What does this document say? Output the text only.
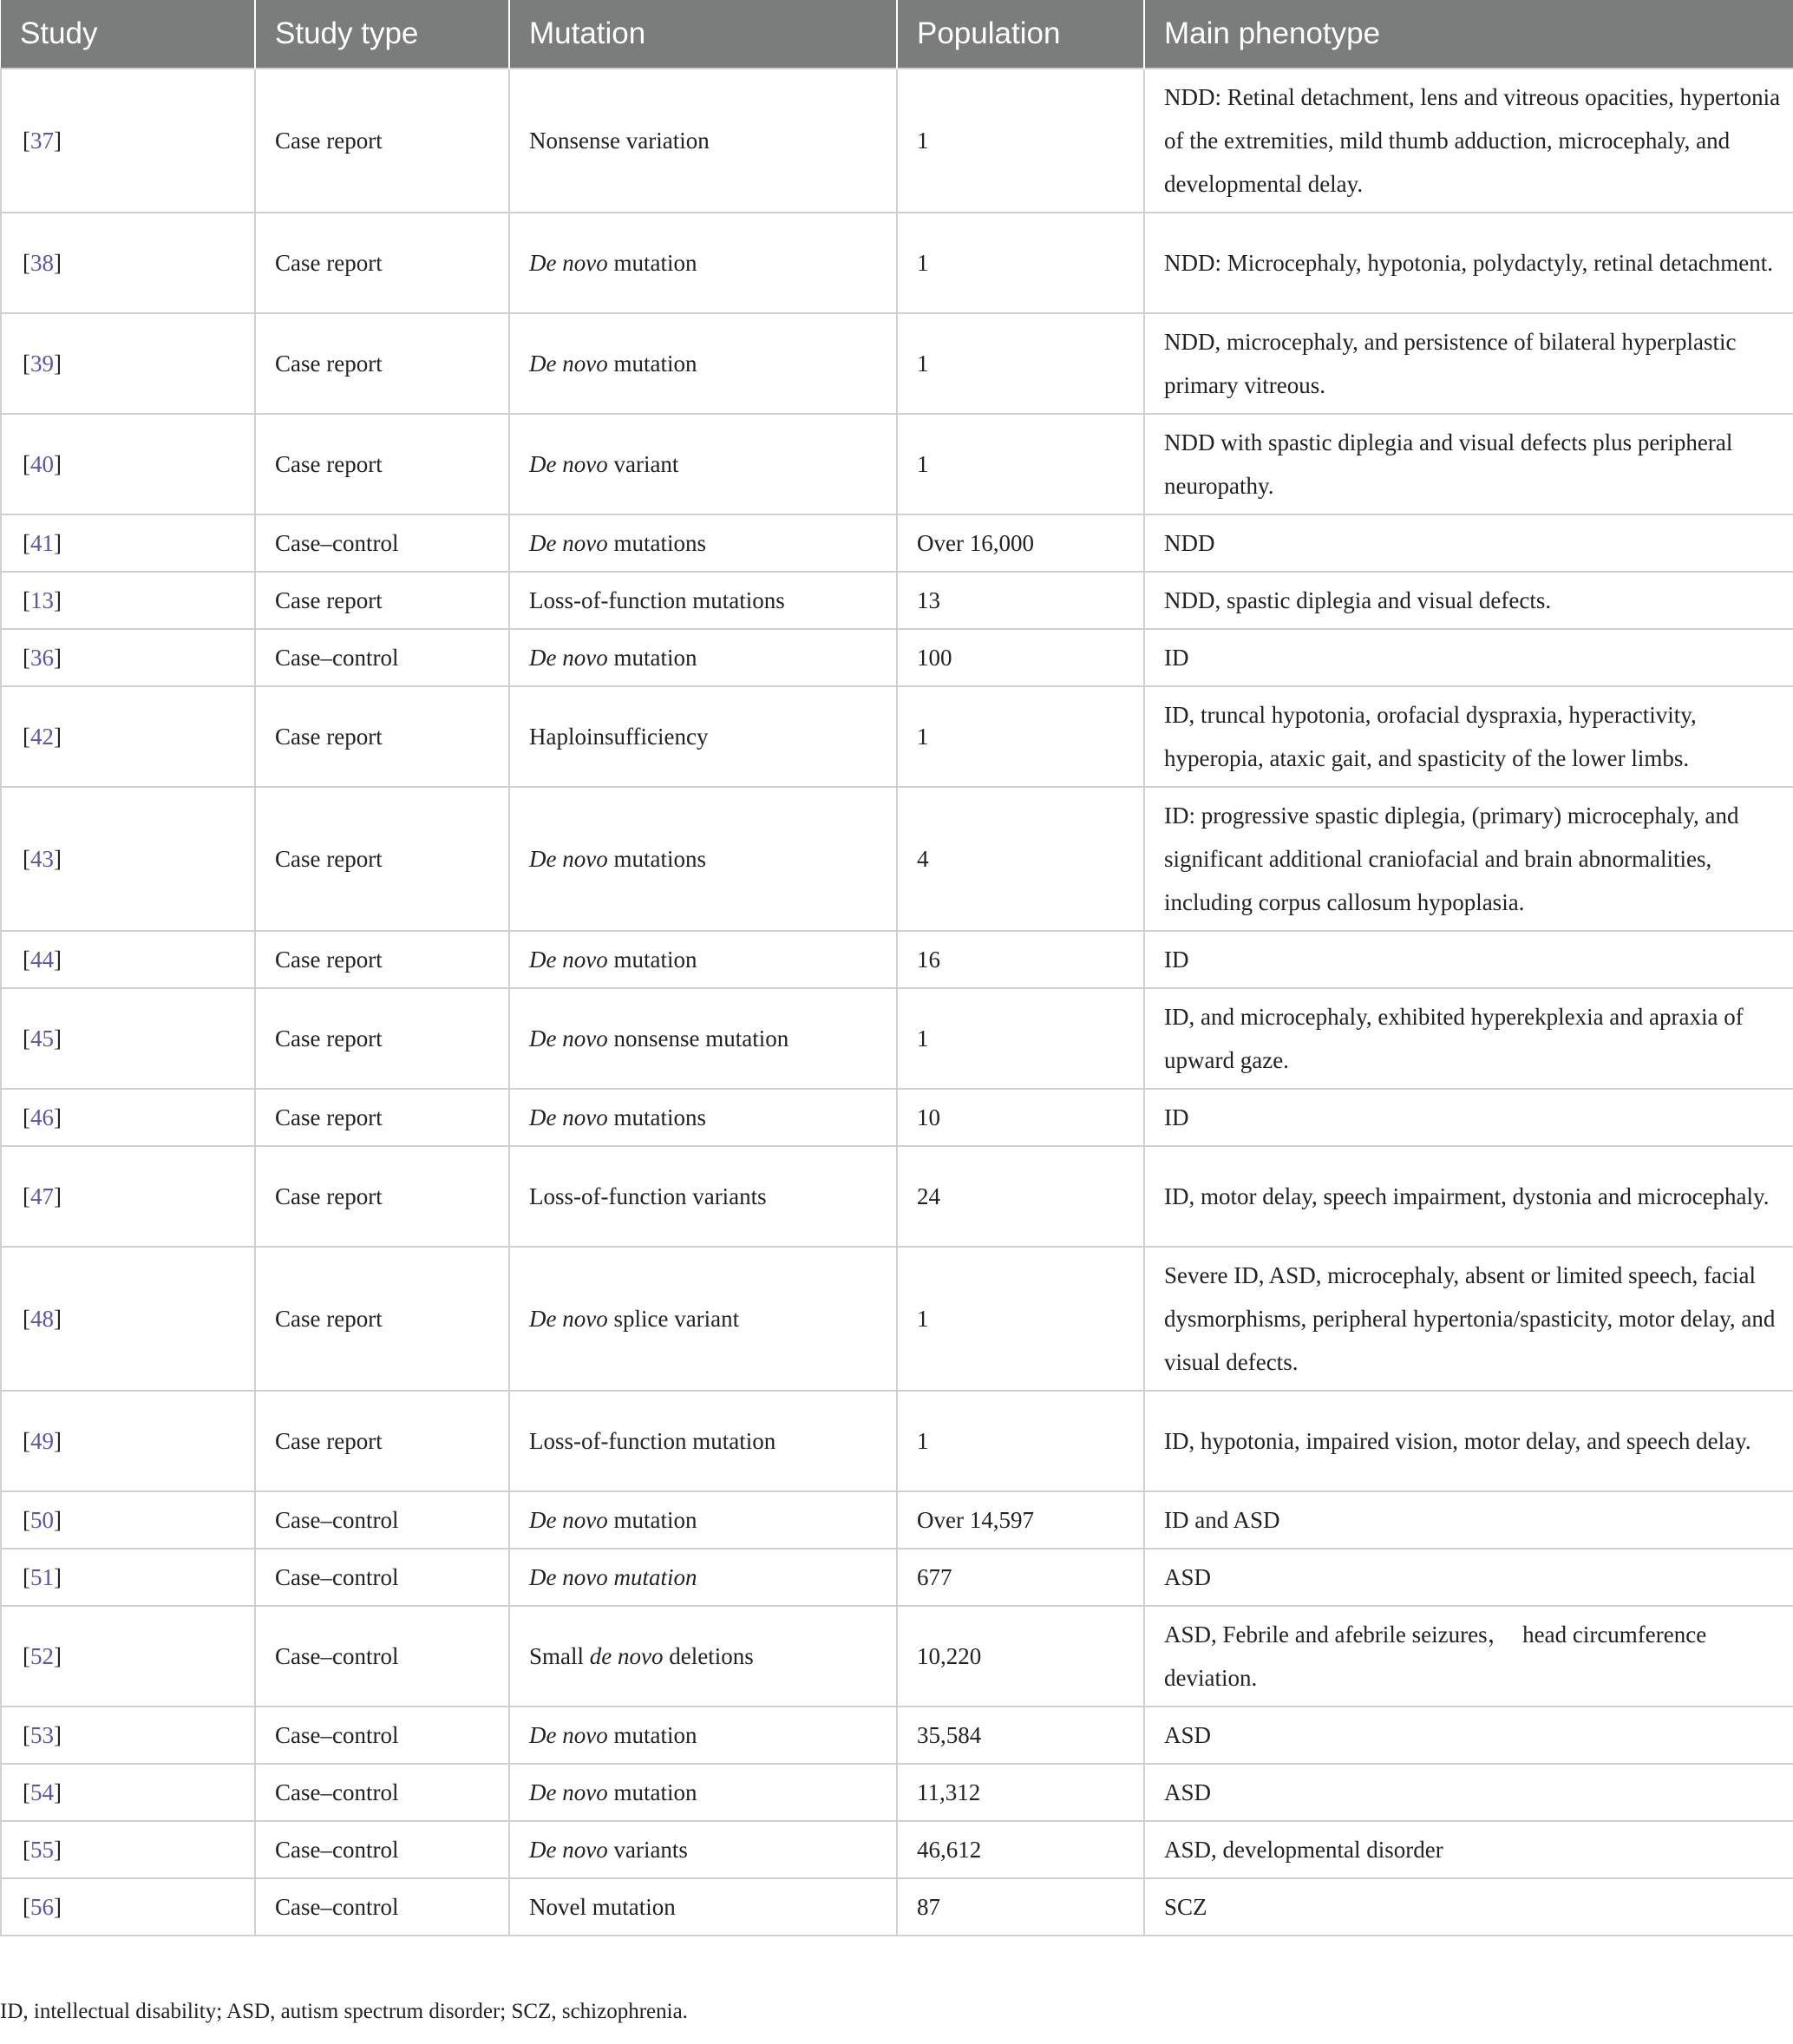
Study	Study type	Mutation	Population	Main phenotype
[37]	Case report	Nonsense variation	1	NDD: Retinal detachment, lens and vitreous opacities, hypertonia of the extremities, mild thumb adduction, microcephaly, and developmental delay.
[38]	Case report	De novo mutation	1	NDD: Microcephaly, hypotonia, polydactyly, retinal detachment.
[39]	Case report	De novo mutation	1	NDD, microcephaly, and persistence of bilateral hyperplastic primary vitreous.
[40]	Case report	De novo variant	1	NDD with spastic diplegia and visual defects plus peripheral neuropathy.
[41]	Case–control	De novo mutations	Over 16,000	NDD
[13]	Case report	Loss-of-function mutations	13	NDD, spastic diplegia and visual defects.
[36]	Case–control	De novo mutation	100	ID
[42]	Case report	Haploinsufficiency	1	ID, truncal hypotonia, orofacial dyspraxia, hyperactivity, hyperopia, ataxic gait, and spasticity of the lower limbs.
[43]	Case report	De novo mutations	4	ID: progressive spastic diplegia, (primary) microcephaly, and significant additional craniofacial and brain abnormalities, including corpus callosum hypoplasia.
[44]	Case report	De novo mutation	16	ID
[45]	Case report	De novo nonsense mutation	1	ID, and microcephaly, exhibited hyperekplexia and apraxia of upward gaze.
[46]	Case report	De novo mutations	10	ID
[47]	Case report	Loss-of-function variants	24	ID, motor delay, speech impairment, dystonia and microcephaly.
[48]	Case report	De novo splice variant	1	Severe ID, ASD, microcephaly, absent or limited speech, facial dysmorphisms, peripheral hypertonia/spasticity, motor delay, and visual defects.
[49]	Case report	Loss-of-function mutation	1	ID, hypotonia, impaired vision, motor delay, and speech delay.
[50]	Case–control	De novo mutation	Over 14,597	ID and ASD
[51]	Case–control	De novo mutation	677	ASD
[52]	Case–control	Small de novo deletions	10,220	ASD, Febrile and afebrile seizures，  head circumference deviation.
[53]	Case–control	De novo mutation	35,584	ASD
[54]	Case–control	De novo mutation	11,312	ASD
[55]	Case–control	De novo variants	46,612	ASD, developmental disorder
[56]	Case–control	Novel mutation	87	SCZ
ID, intellectual disability; ASD, autism spectrum disorder; SCZ, schizophrenia.
